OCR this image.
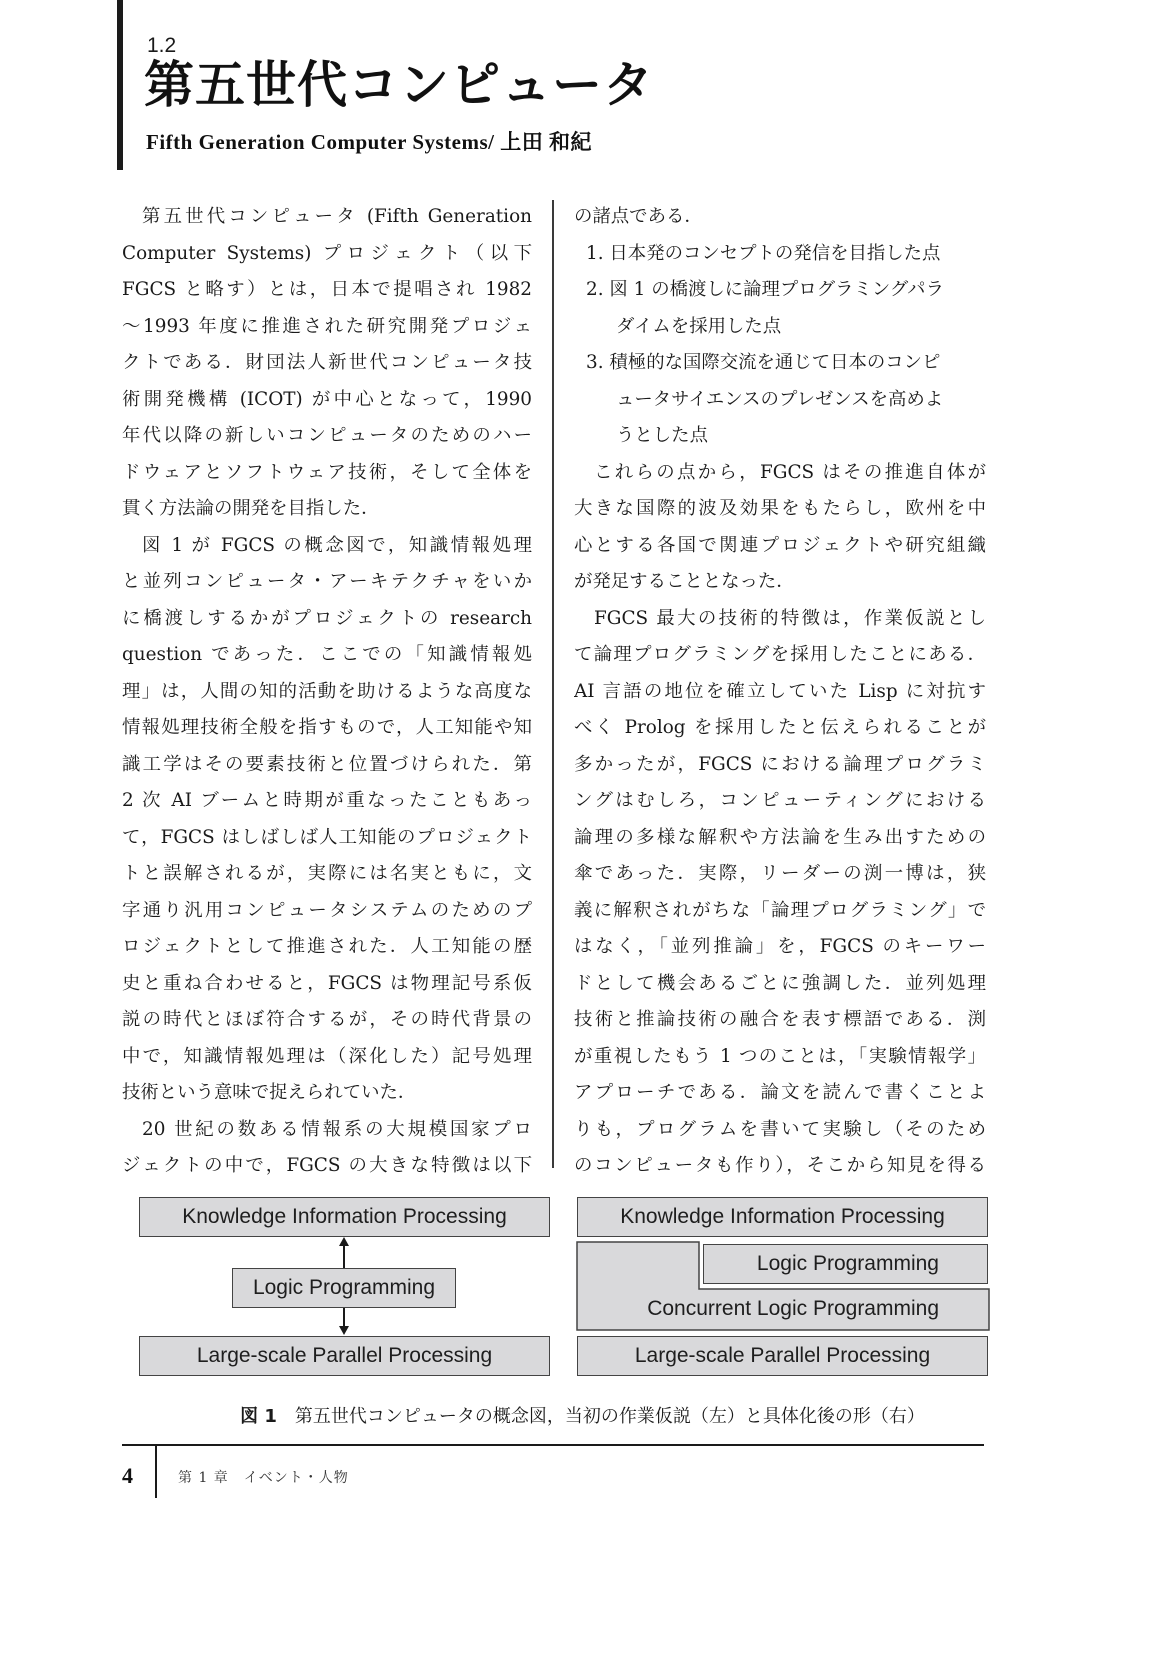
1.2
第五世代コンピュータ
Fifth Generation Computer Systems/ 上田 和紀
第五世代コンピュータ (Fifth Generation
Computer Systems) プロジェクト（以下
FGCS と略す）とは，日本で提唱され 1982
〜1993 年度に推進された研究開発プロジェ
クトである．財団法人新世代コンピュータ技
術開発機構 (ICOT) が中心となって，1990
年代以降の新しいコンピュータのためのハー
ドウェアとソフトウェア技術，そして全体を
貫く方法論の開発を目指した．
図 1 が FGCS の概念図で，知識情報処理
と並列コンピュータ・アーキテクチャをいか
に橋渡しするかがプロジェクトの research
question であった．ここでの「知識情報処
理」は，人間の知的活動を助けるような高度な
情報処理技術全般を指すもので，人工知能や知
識工学はその要素技術と位置づけられた．第
2 次 AI ブームと時期が重なったこともあっ
て，FGCS はしばしば人工知能のプロジェクト
トと誤解されるが，実際には名実ともに，文
字通り汎用コンピュータシステムのためのプ
ロジェクトとして推進された．人工知能の歴
史と重ね合わせると，FGCS は物理記号系仮
説の時代とほぼ符合するが，その時代背景の
中で，知識情報処理は（深化した）記号処理
技術という意味で捉えられていた．
20 世紀の数ある情報系の大規模国家プロ
ジェクトの中で，FGCS の大きな特徴は以下
の諸点である．
1. 日本発のコンセプトの発信を目指した点
2. 図 1 の橋渡しに論理プログラミングパラ
ダイムを採用した点
3. 積極的な国際交流を通じて日本のコンピ
ュータサイエンスのプレゼンスを高めよ
うとした点
これらの点から，FGCS はその推進自体が
大きな国際的波及効果をもたらし，欧州を中
心とする各国で関連プロジェクトや研究組織
が発足することとなった．
FGCS 最大の技術的特徴は，作業仮説とし
て論理プログラミングを採用したことにある．
AI 言語の地位を確立していた Lisp に対抗す
べく Prolog を採用したと伝えられることが
多かったが，FGCS における論理プログラミ
ングはむしろ，コンピューティングにおける
論理の多様な解釈や方法論を生み出すための
傘であった．実際，リーダーの渕一博は，狭
義に解釈されがちな「論理プログラミング」で
はなく，「並列推論」を，FGCS のキーワー
ドとして機会あるごとに強調した．並列処理
技術と推論技術の融合を表す標語である．渕
が重視したもう 1 つのことは，「実験情報学」
アプローチである．論文を読んで書くことよ
りも，プログラムを書いて実験し（そのため
のコンピュータも作り），そこから知見を得る
Knowledge Information Processing
Logic Programming
Large-scale Parallel Processing
Knowledge Information Processing
Concurrent Logic Programming
Logic Programming
Large-scale Parallel Processing
図 1 第五世代コンピュータの概念図，当初の作業仮説（左）と具体化後の形（右）
4	第 1 章　イベント・人物
